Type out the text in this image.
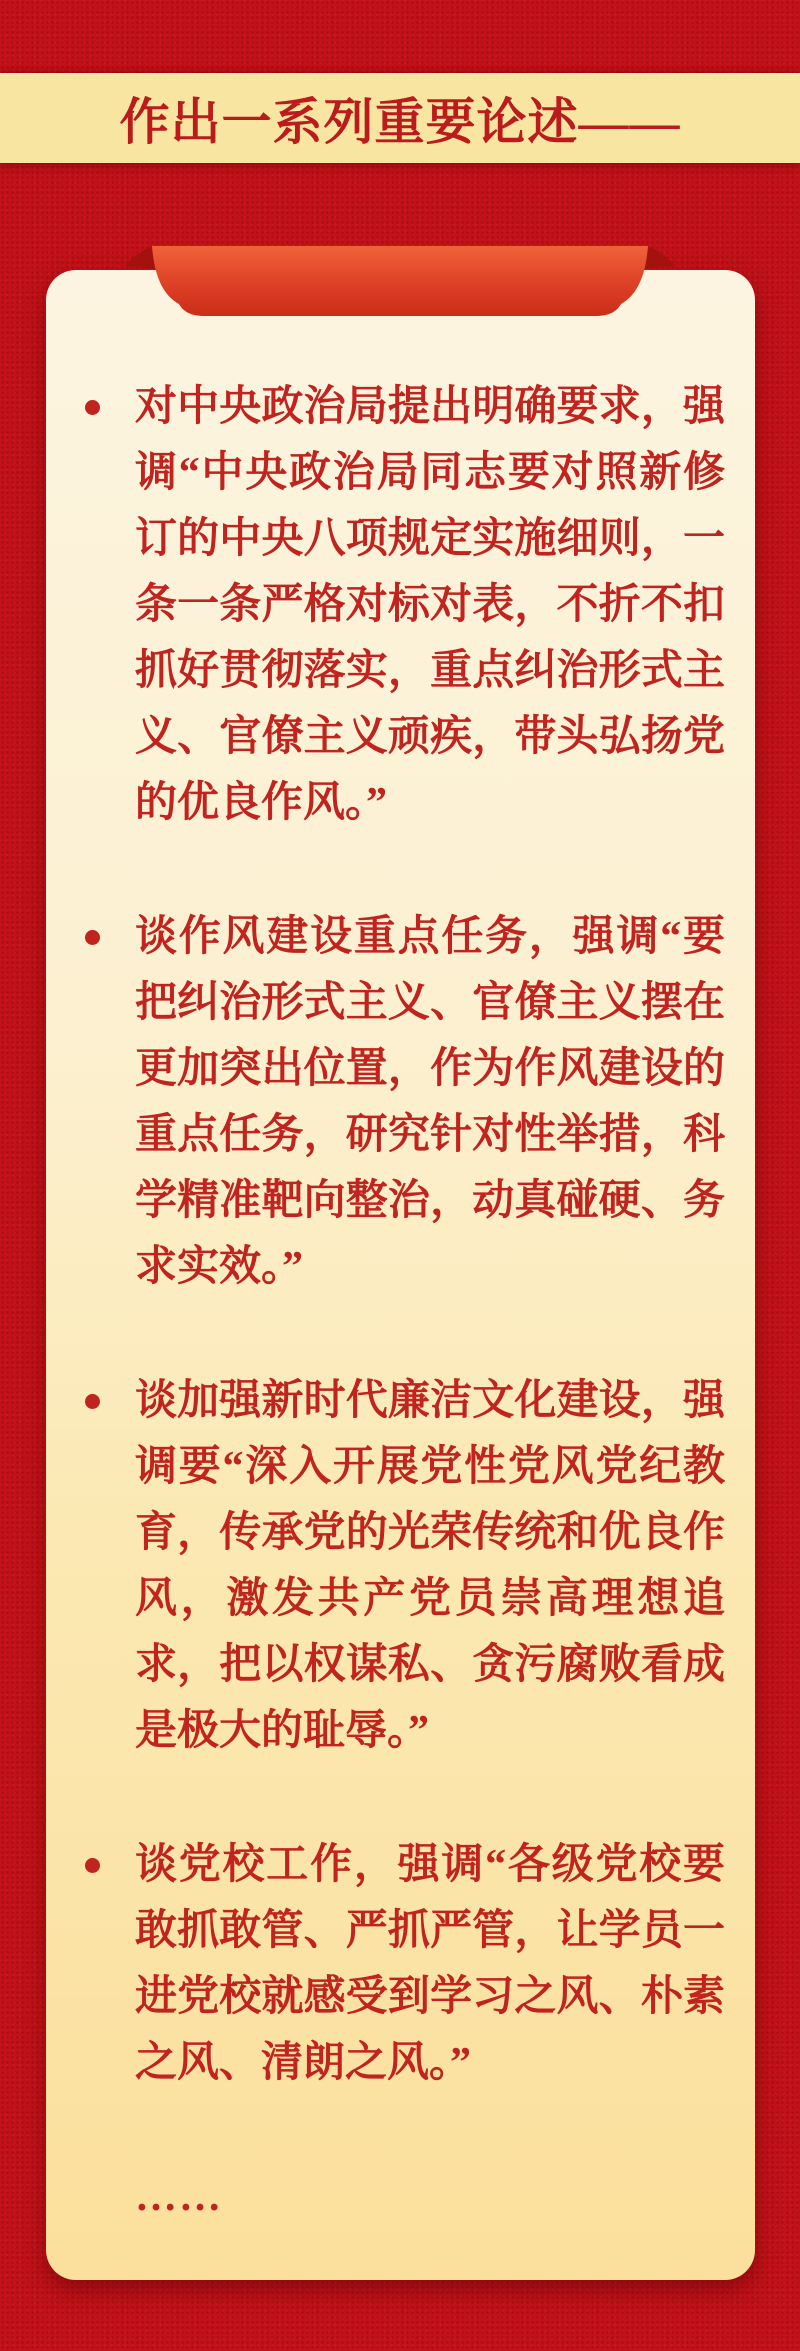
作出一系列重要论述——
对中央政治局提出明确要求，强调“中央政治局同志要对照新修订的中央八项规定实施细则，一条一条严格对标对表，不折不扣抓好贯彻落实，重点纠治形式主义、官僚主义顽疾，带头弘扬党的优良作风。”
谈作风建设重点任务，强调“要把纠治形式主义、官僚主义摆在更加突出位置，作为作风建设的重点任务，研究针对性举措，科学精准靶向整治，动真碰硬、务求实效。”
谈加强新时代廉洁文化建设，强调要“深入开展党性党风党纪教育，传承党的光荣传统和优良作风，激发共产党员崇高理想追求，把以权谋私、贪污腐败看成是极大的耻辱。”
谈党校工作，强调“各级党校要敢抓敢管、严抓严管，让学员一进党校就感受到学习之风、朴素之风、清朗之风。”
……
